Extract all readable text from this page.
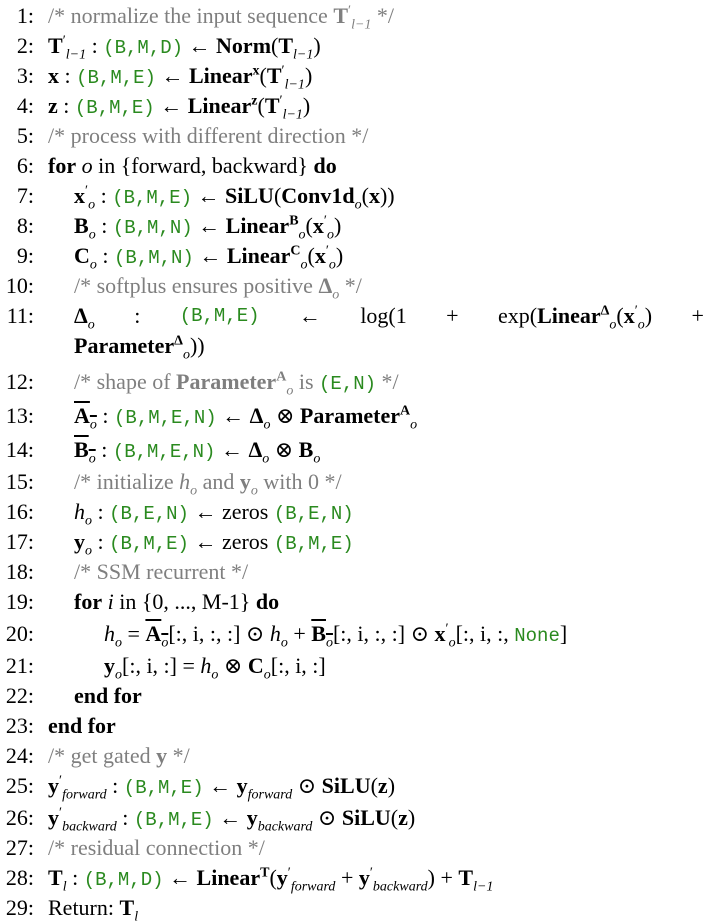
1: /* normalize the input sequence $T'_{l-1}$ */
2: $T'_{l-1}$ : (B,M,D) ← $Norm(T_{l-1})$
3: x : (B,M,E) ← $Linear^x(T'_{l-1})$
4: z : (B,M,E) ← $Linear^z(T'_{l-1})$
5: /* process with different direction */
6: for o in {forward, backward} do
7: $x'_o$ : (B,M,E) ← $SiLU(Conv1d_o(x))$
8: $B_o$ : (B,M,N) ← $Linear^B_o(x'_o)$
9: $C_o$ : (B,M,N) ← $Linear^C_o(x'_o)$
10: /* softplus ensures positive $\Delta_o$ */
11: $\Delta_o$ : (B,M,E) ← $\log(1 + \exp(Linear^\Delta_o(x'_o)$ +
Parameter$^\Delta_o$))
12: /* shape of Parameter$^A_o$ is (E,N) */
13: $A_o$ : (B,M,E,N) ← $\Delta_o$ ⊗ Parameter$^A_o$
14: $B_o$ : (B,M,E,N) ← $\Delta_o$ ⊗ $B_o$
15: /* initialize $h_o$ and $y_o$ with 0 */
16: $h_o$ : (B,E,N) ← zeros (B,E,N)
17: $y_o$ : (B,M,E) ← zeros (B,M,E)
18: /* SSM recurrent */
19: for i in {0, ..., M-1} do
20:	$h_o = A_o$[:, i, :, :] ⊙ $h_o + B_o$[:, i, :, :] ⊙ $x'_o$[:, i, :, None]
21:	$y_o$[:, i, :] = $h_o$ ⊗ $C_o$[:, i, :]
22: end for
23: end for
24: /* get gated y */
25: $y'_{forward}$ : (B,M,E) ← $y_{forward}$ ⊙ SiLU(z)
26: $y'_{backward}$ : (B,M,E) ← $y_{backward}$ ⊙ SiLU(z)
27: /* residual connection */
28: $T_l$ : (B,M,D) ← $Linear^T(y'_{forward} + y'_{backward}) + T_{l-1}$
29: Return: $T_l$
